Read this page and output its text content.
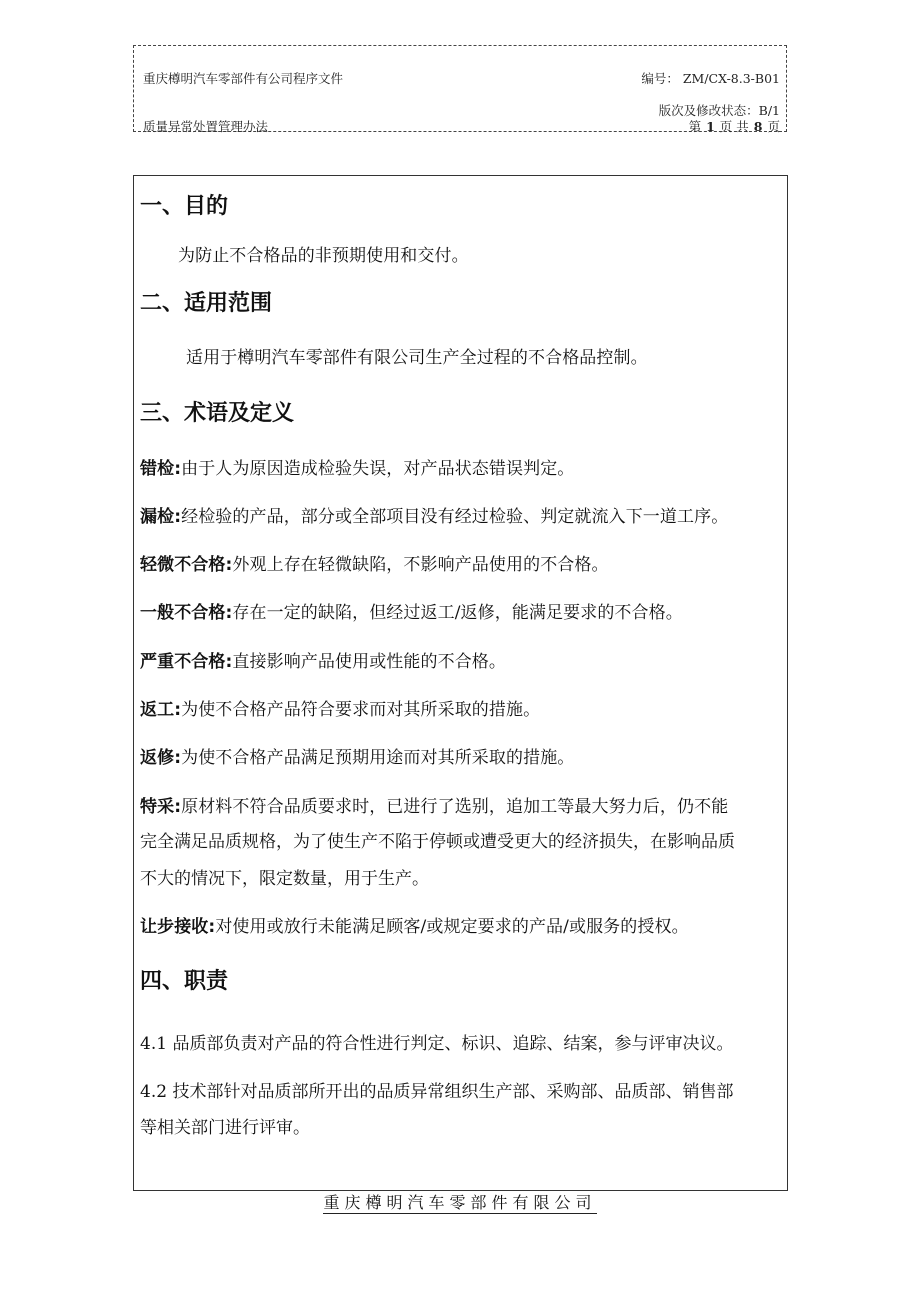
重庆樽明汽车零部件有公司程序文件	编号： ZM/CX-8.3-B01
版次及修改状态：B/1
质量异常处置管理办法	第 1 页 共 8 页
一、目的
为防止不合格品的非预期使用和交付。
二、适用范围
适用于樽明汽车零部件有限公司生产全过程的不合格品控制。
三、术语及定义
错检:由于人为原因造成检验失误，对产品状态错误判定。
漏检:经检验的产品，部分或全部项目没有经过检验、判定就流入下一道工序。
轻微不合格:外观上存在轻微缺陷，不影响产品使用的不合格。
一般不合格:存在一定的缺陷，但经过返工/返修，能满足要求的不合格。
严重不合格:直接影响产品使用或性能的不合格。
返工:为使不合格产品符合要求而对其所采取的措施。
返修:为使不合格产品满足预期用途而对其所采取的措施。
特采:原材料不符合品质要求时，已进行了选别，追加工等最大努力后，仍不能
完全满足品质规格，为了使生产不陷于停顿或遭受更大的经济损失，在影响品质
不大的情况下，限定数量，用于生产。
让步接收:对使用或放行未能满足顾客/或规定要求的产品/或服务的授权。
四、职责
4.1 品质部负责对产品的符合性进行判定、标识、追踪、结案，参与评审决议。
4.2 技术部针对品质部所开出的品质异常组织生产部、采购部、品质部、销售部
等相关部门进行评审。
重庆樽明汽车零部件有限公司
